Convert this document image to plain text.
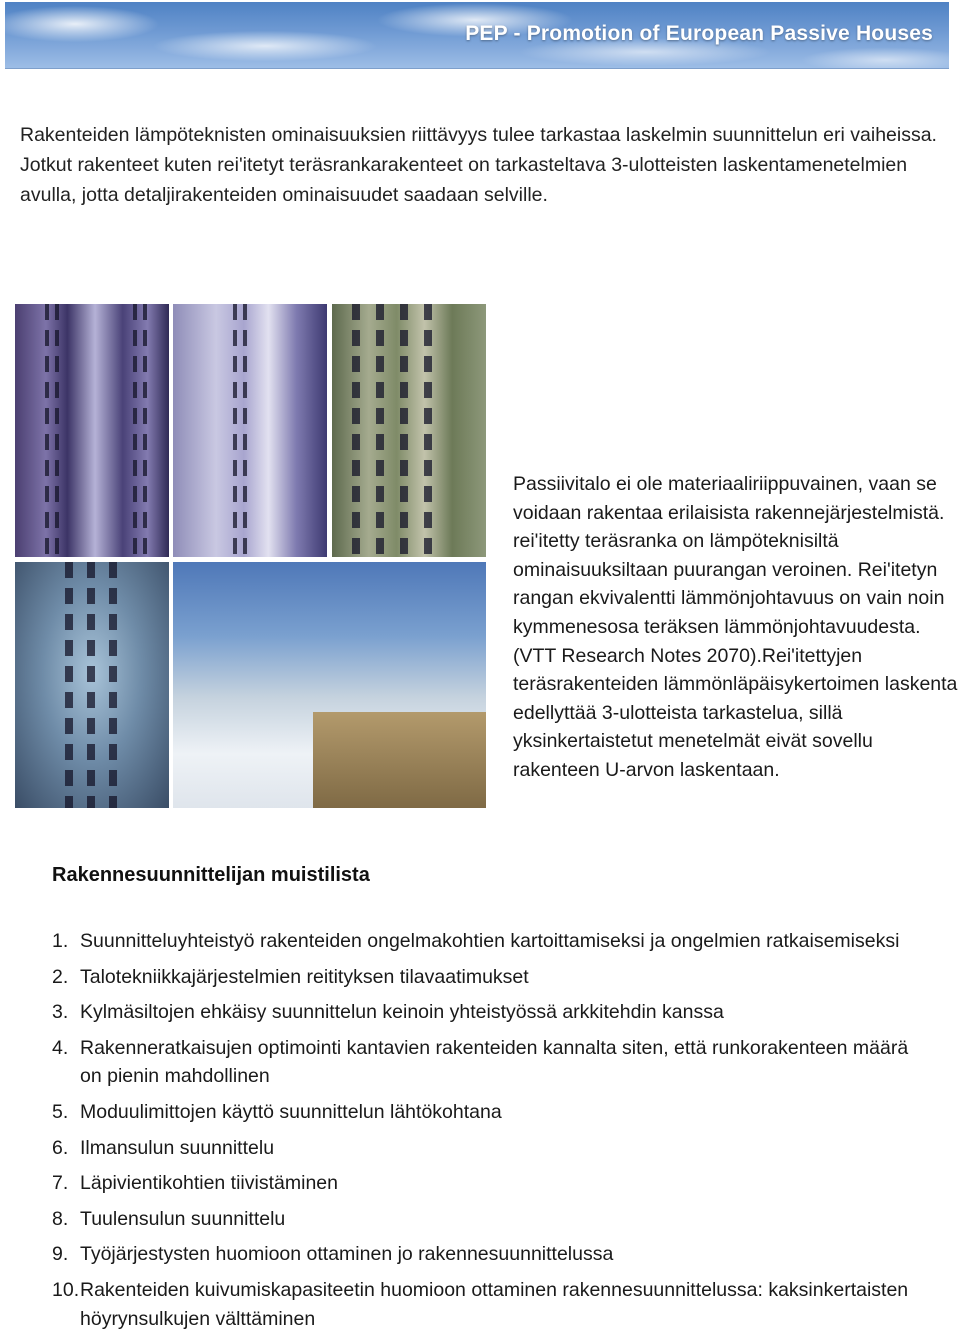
PEP - Promotion of European Passive Houses

Rakenteiden lämpöteknisten ominaisuuksien riittävyys tulee tarkastaa laskelmin suunnittelun eri vaiheissa. Jotkut rakenteet kuten rei'itetyt teräsrankarakenteet on tarkasteltava 3-ulotteisten laskentamenetelmien avulla, jotta detaljirakenteiden ominaisuudet saadaan selville.

Passiivitalo ei ole materiaaliriippuvainen, vaan se voidaan rakentaa erilaisista rakennejärjestelmistä. rei'itetty teräsranka on lämpöteknisiltä ominaisuuksiltaan puurangan veroinen. Rei'itetyn rangan ekvivalentti lämmönjohtavuus on vain noin kymmenesosa teräksen lämmönjohtavuudesta. (VTT Research Notes 2070).Rei'itettyjen teräsrakenteiden lämmönläpäisykertoimen laskenta edellyttää 3-ulotteista tarkastelua, sillä yksinkertaistetut menetelmät eivät sovellu rakenteen U-arvon laskentaan.

Rakennesuunnittelijan muistilista
1. Suunnitteluyhteistyö rakenteiden ongelmakohtien kartoittamiseksi ja ongelmien ratkaisemiseksi
2. Talotekniikkajärjestelmien reitityksen tilavaatimukset
3. Kylmäsiltojen ehkäisy suunnittelun keinoin yhteistyössä arkkitehdin kanssa
4. Rakenneratkaisujen optimointi kantavien rakenteiden kannalta siten, että runkorakenteen määrä on pienin mahdollinen
5. Moduulimittojen käyttö suunnittelun lähtökohtana
6. Ilmansulun suunnittelu
7. Läpivientikohtien tiivistäminen
8. Tuulensulun suunnittelu
9. Työjärjestysten huomioon ottaminen jo rakennesuunnittelussa
10. Rakenteiden kuivumiskapasiteetin huomioon ottaminen rakennesuunnittelussa: kaksinkertaisten höyrynsulkujen välttäminen
